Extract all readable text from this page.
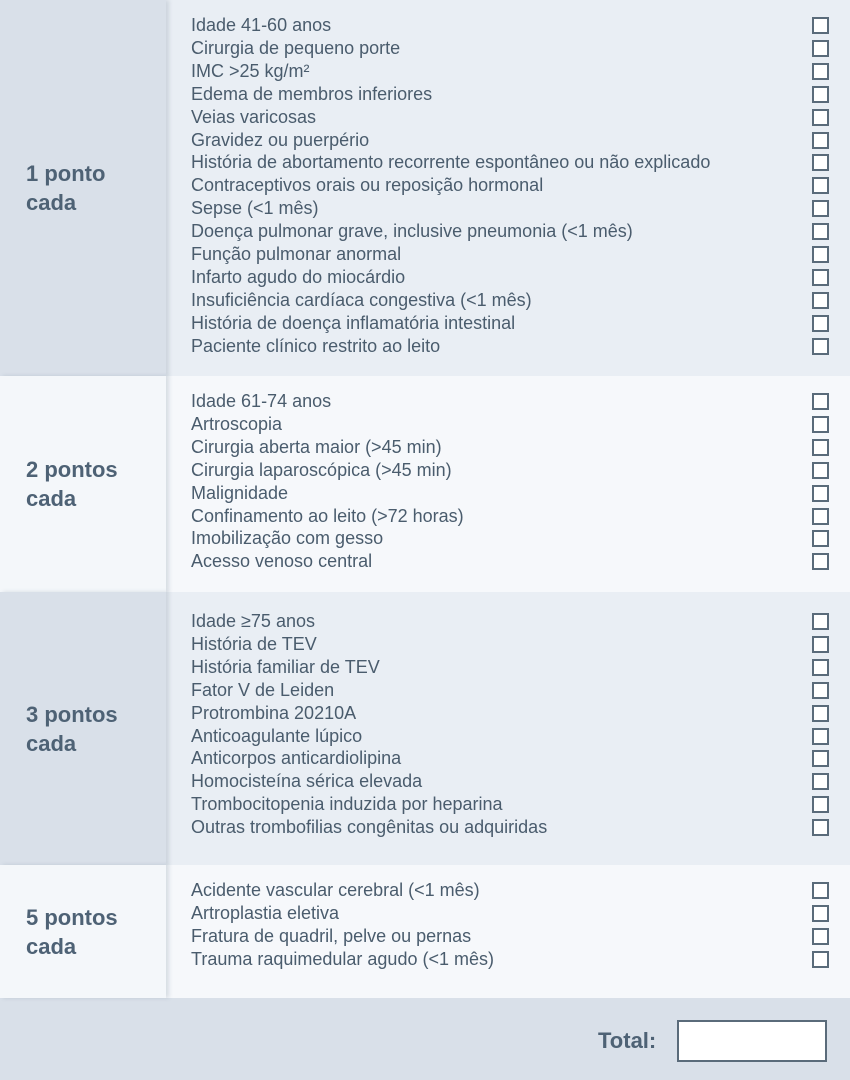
1 ponto
cada
Idade 41-60 anos
Cirurgia de pequeno porte
IMC >25 kg/m²
Edema de membros inferiores
Veias varicosas
Gravidez ou puerpério
História de abortamento recorrente espontâneo ou não explicado
Contraceptivos orais ou reposição hormonal
Sepse (<1 mês)
Doença pulmonar grave, inclusive pneumonia (<1 mês)
Função pulmonar anormal
Infarto agudo do miocárdio
Insuficiência cardíaca congestiva (<1 mês)
História de doença inflamatória intestinal
Paciente clínico restrito ao leito
2 pontos
cada
Idade 61-74 anos
Artroscopia
Cirurgia aberta maior (>45 min)
Cirurgia laparoscópica (>45 min)
Malignidade
Confinamento ao leito (>72 horas)
Imobilização com gesso
Acesso venoso central
3 pontos
cada
Idade ≥75 anos
História de TEV
História familiar de TEV
Fator V de Leiden
Protrombina 20210A
Anticoagulante lúpico
Anticorpos anticardiolipina
Homocisteína sérica elevada
Trombocitopenia induzida por heparina
Outras trombofilias congênitas ou adquiridas
5 pontos
cada
Acidente vascular cerebral (<1 mês)
Artroplastia eletiva
Fratura de quadril, pelve ou pernas
Trauma raquimedular agudo (<1 mês)
Total:
